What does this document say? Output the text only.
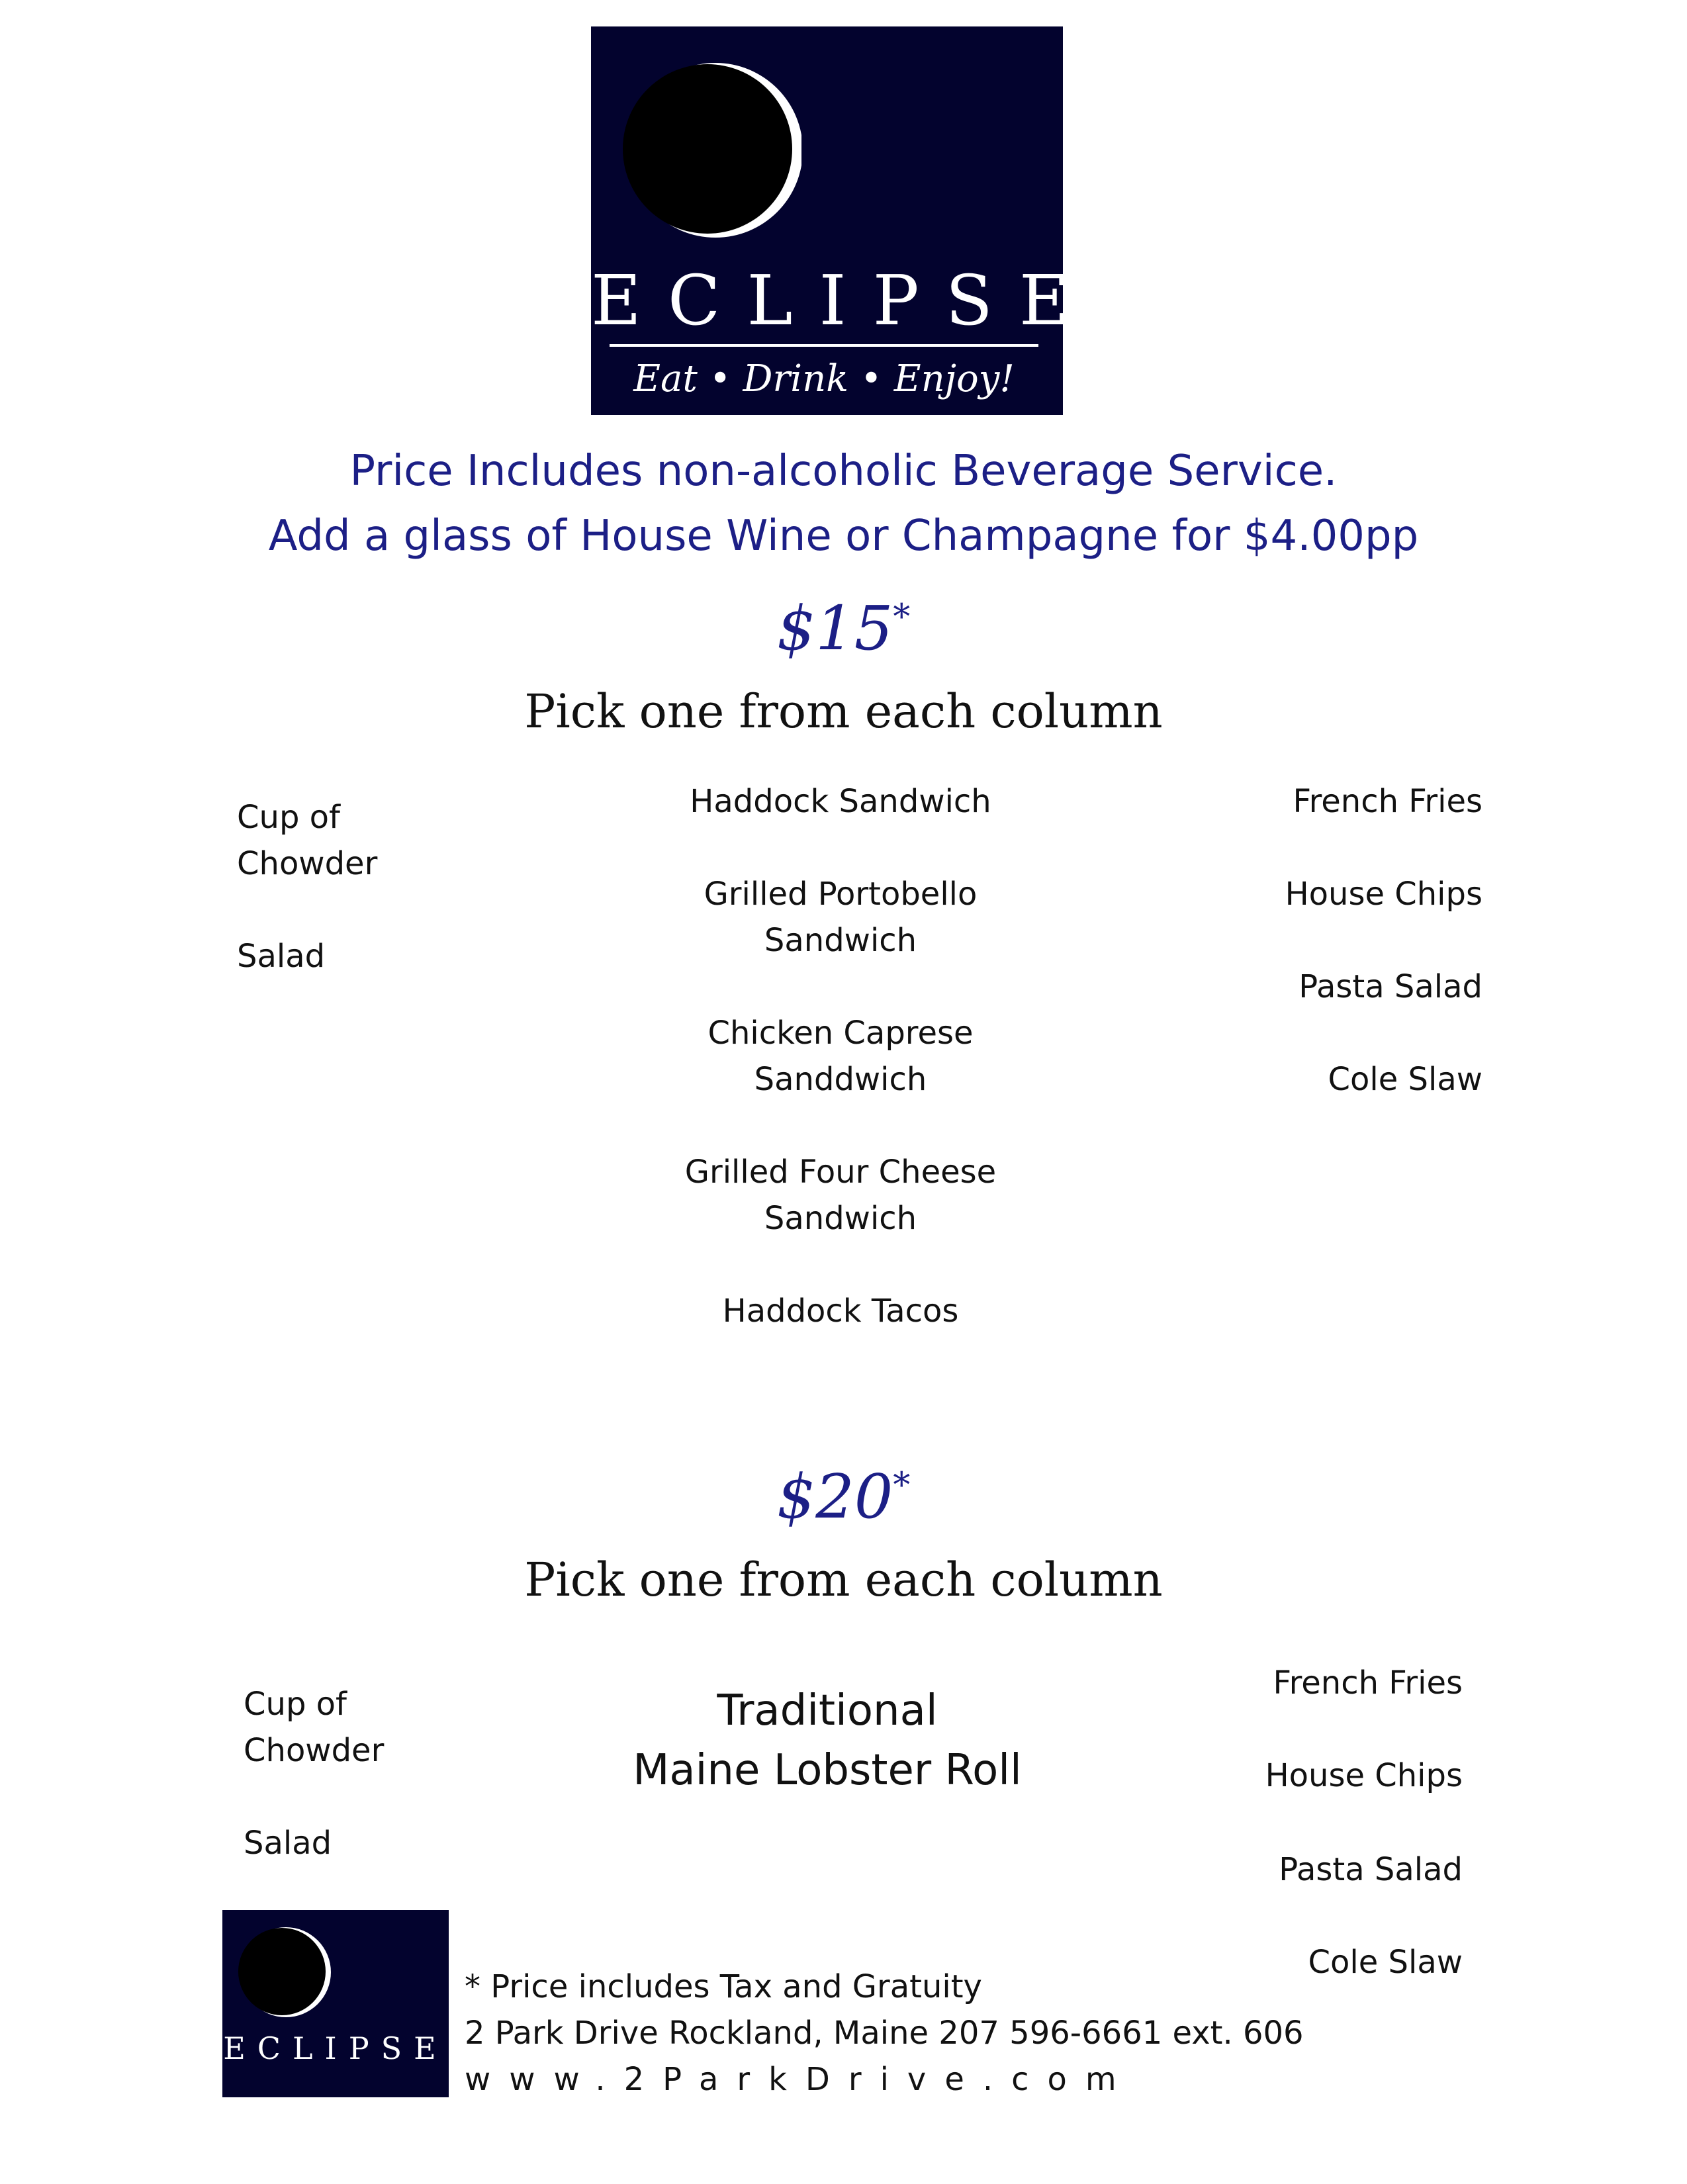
ECLIPSE
Eat • Drink • Enjoy!
Price Includes non-alcoholic Beverage Service.
Add a glass of House Wine or Champagne for $4.00pp
$15*
Pick one from each column
Cup of
Chowder
Salad
Haddock Sandwich
Grilled Portobello
Sandwich
Chicken Caprese
Sanddwich
Grilled Four Cheese
Sandwich
Haddock Tacos
French Fries
House Chips
Pasta Salad
Cole Slaw
$20*
Pick one from each column
Cup of
Chowder
Salad
Traditional
Maine Lobster Roll
French Fries
House Chips
Pasta Salad
Cole Slaw
ECLIPSE
* Price includes Tax and Gratuity
2 Park Drive Rockland, Maine 207 596-6661 ext. 606
www.2ParkDrive.com
